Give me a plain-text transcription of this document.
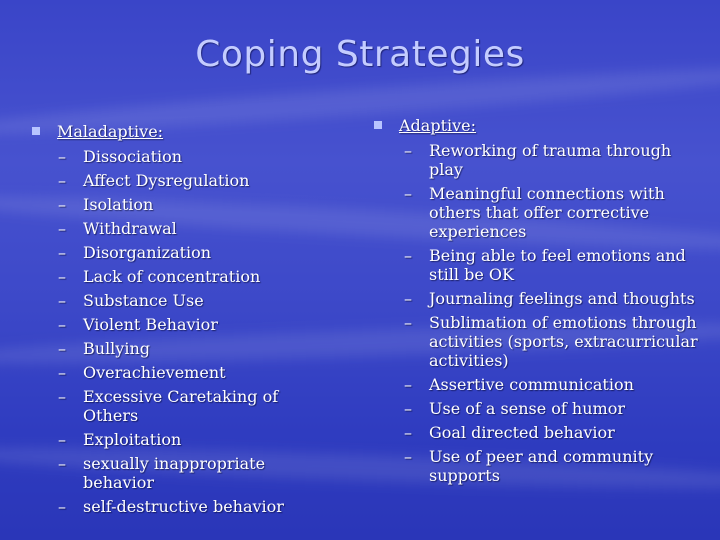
Coping Strategies
Maladaptive:
–	Dissociation
–	Affect Dysregulation
–	Isolation
–	Withdrawal
–	Disorganization
–	Lack of concentration
–	Substance Use
–	Violent Behavior
–	Bullying
–	Overachievement
–	Excessive Caretaking of Others
–	Exploitation
–	sexually inappropriate behavior
–	self-destructive behavior
Adaptive:
–	Reworking of trauma through play
–	Meaningful connections with others that offer corrective experiences
–	Being able to feel emotions and still be OK
–	Journaling feelings and thoughts
–	Sublimation of emotions through activities (sports, extracurricular activities)
–	Assertive communication
–	Use of a sense of humor
–	Goal directed behavior
–	Use of peer and community supports
